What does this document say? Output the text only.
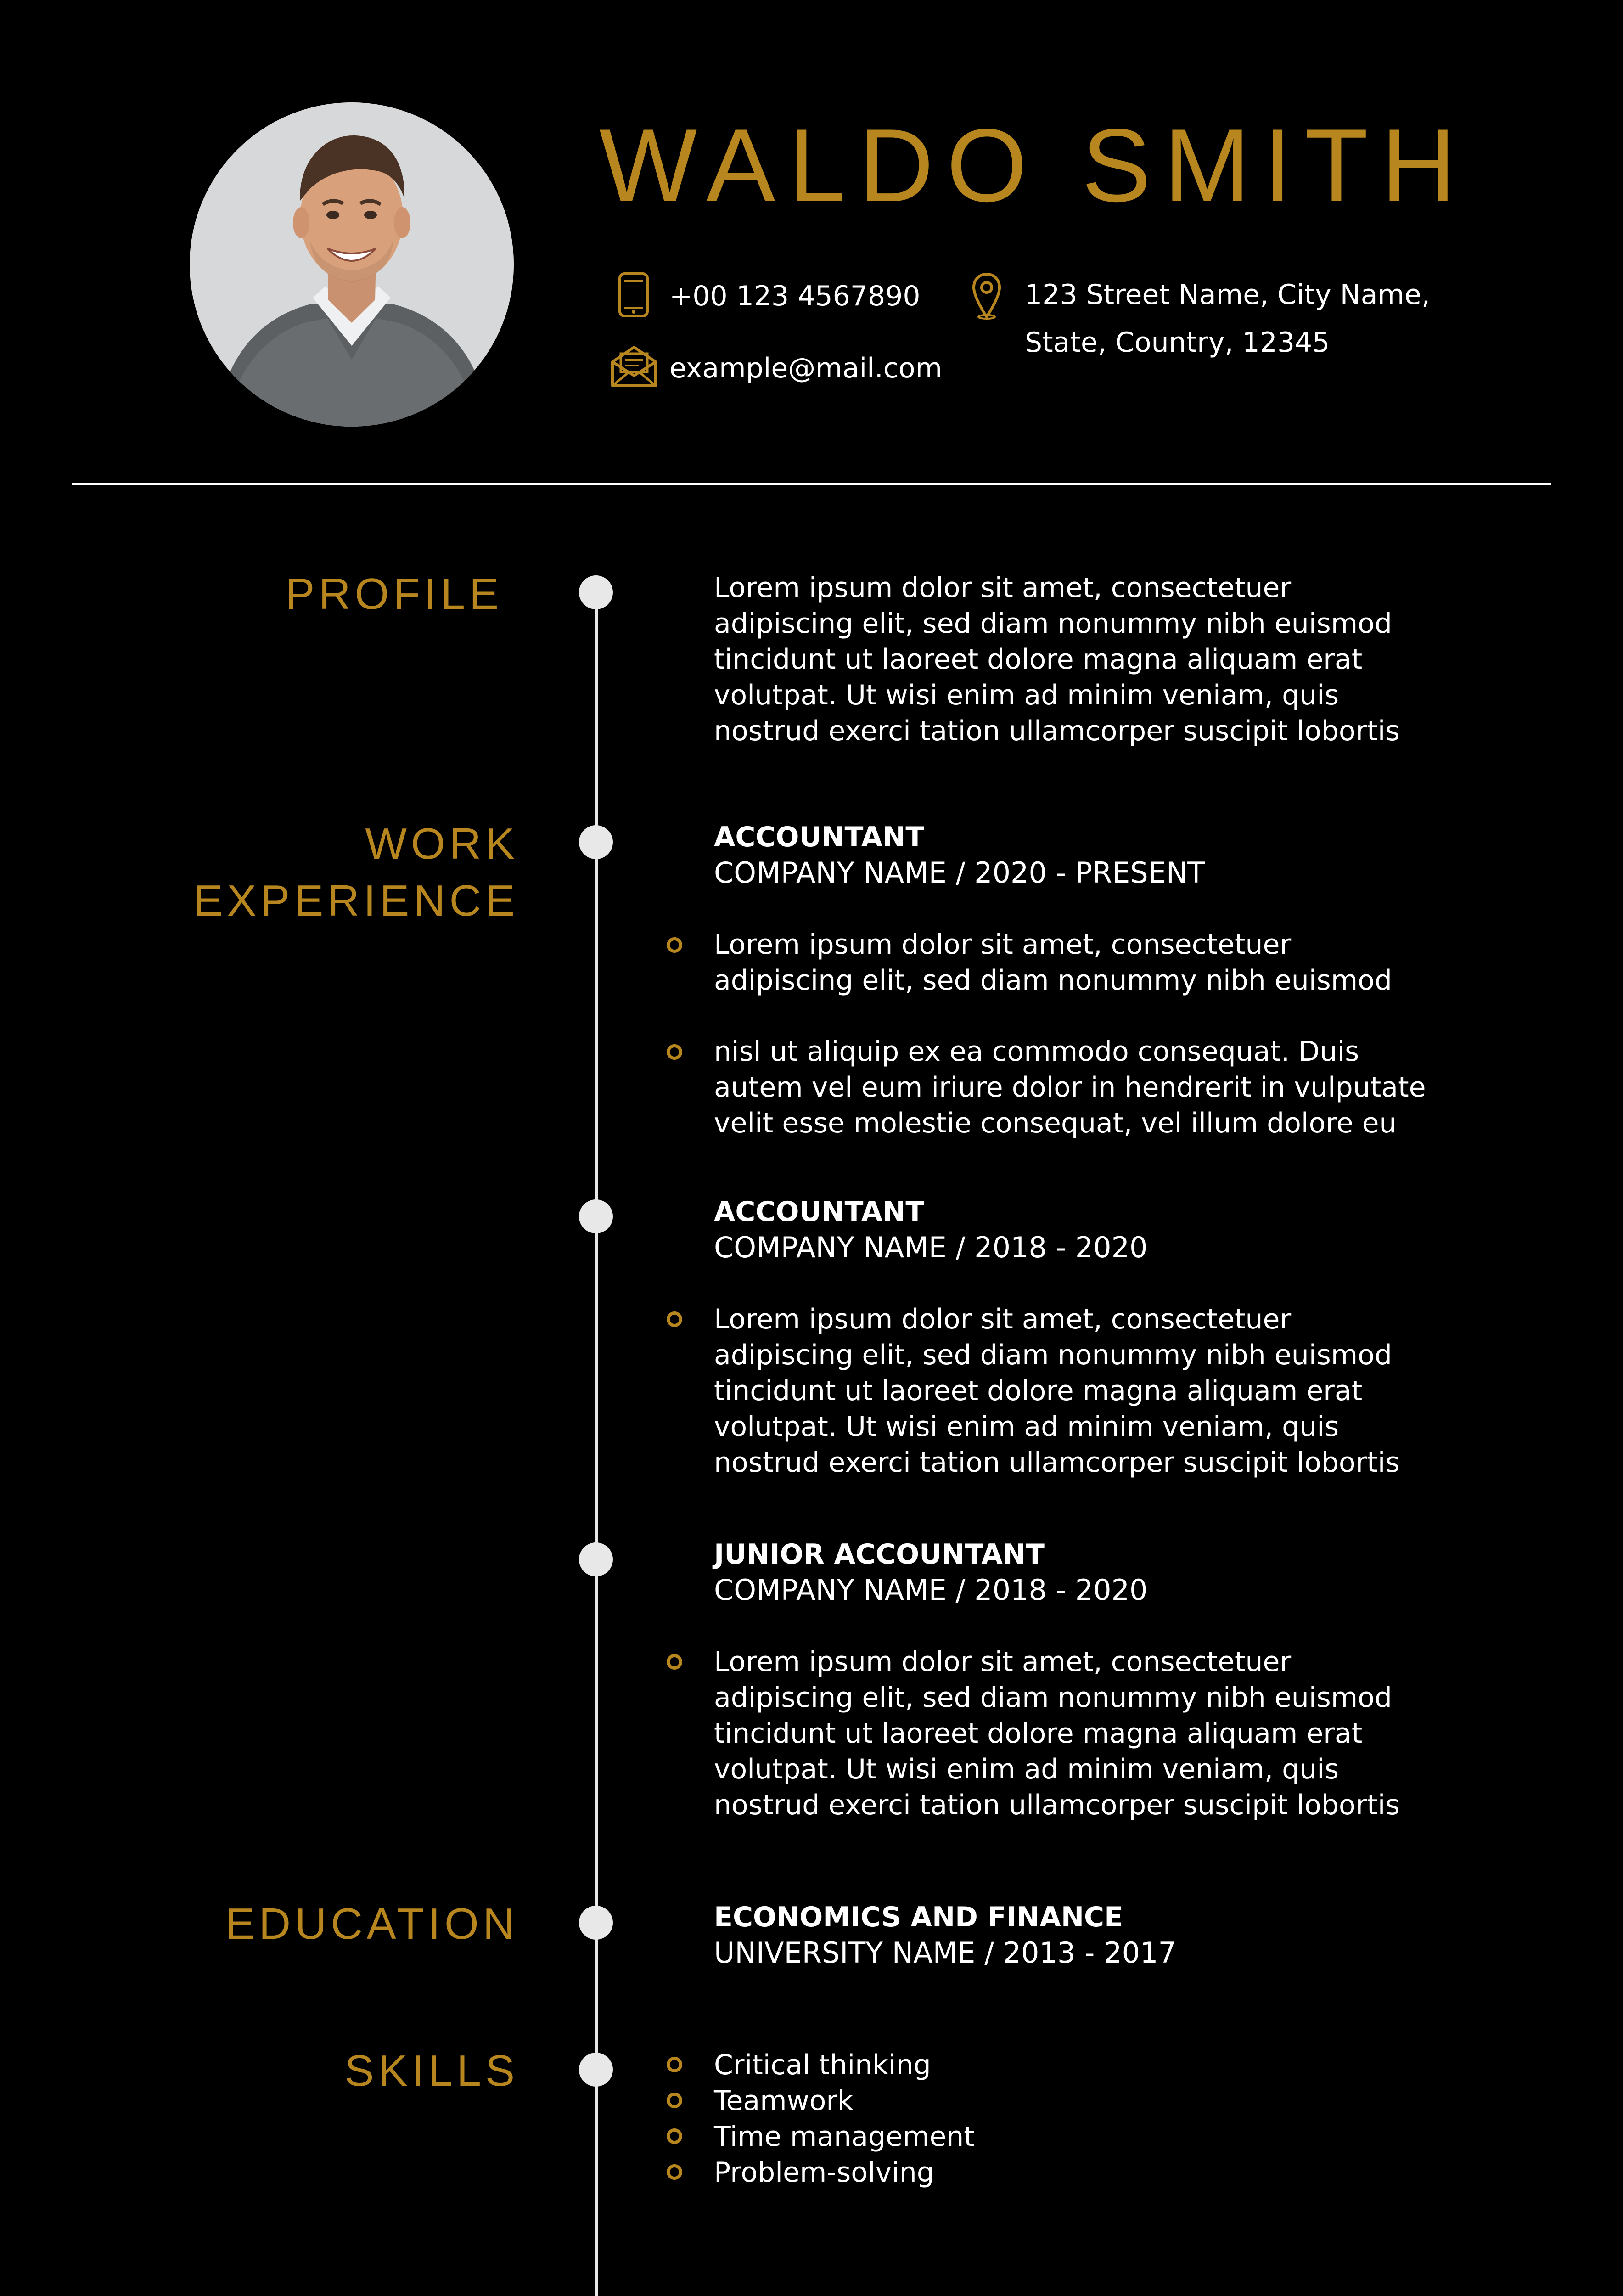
WALDO SMITH
+00 123 4567890
example@mail.com
123 Street Name, City Name,
State, Country, 12345
PROFILE	Lorem ipsum dolor sit amet, consectetuer
adipiscing elit, sed diam nonummy nibh euismod
tincidunt ut laoreet dolore magna aliquam erat
volutpat. Ut wisi enim ad minim veniam, quis
nostrud exerci tation ullamcorper suscipit lobortis
WORK
EXPERIENCE
ACCOUNTANT
COMPANY NAME / 2020 - PRESENT
Lorem ipsum dolor sit amet, consectetuer
adipiscing elit, sed diam nonummy nibh euismod
nisl ut aliquip ex ea commodo consequat. Duis
autem vel eum iriure dolor in hendrerit in vulputate
velit esse molestie consequat, vel illum dolore eu
ACCOUNTANT
COMPANY NAME / 2018 - 2020
Lorem ipsum dolor sit amet, consectetuer
adipiscing elit, sed diam nonummy nibh euismod
tincidunt ut laoreet dolore magna aliquam erat
volutpat. Ut wisi enim ad minim veniam, quis
nostrud exerci tation ullamcorper suscipit lobortis
JUNIOR ACCOUNTANT
COMPANY NAME / 2018 - 2020
Lorem ipsum dolor sit amet, consectetuer
adipiscing elit, sed diam nonummy nibh euismod
tincidunt ut laoreet dolore magna aliquam erat
volutpat. Ut wisi enim ad minim veniam, quis
nostrud exerci tation ullamcorper suscipit lobortis
EDUCATION	ECONOMICS AND FINANCE
UNIVERSITY NAME / 2013 - 2017
SKILLS	Critical thinking
Teamwork
Time management
Problem-solving
